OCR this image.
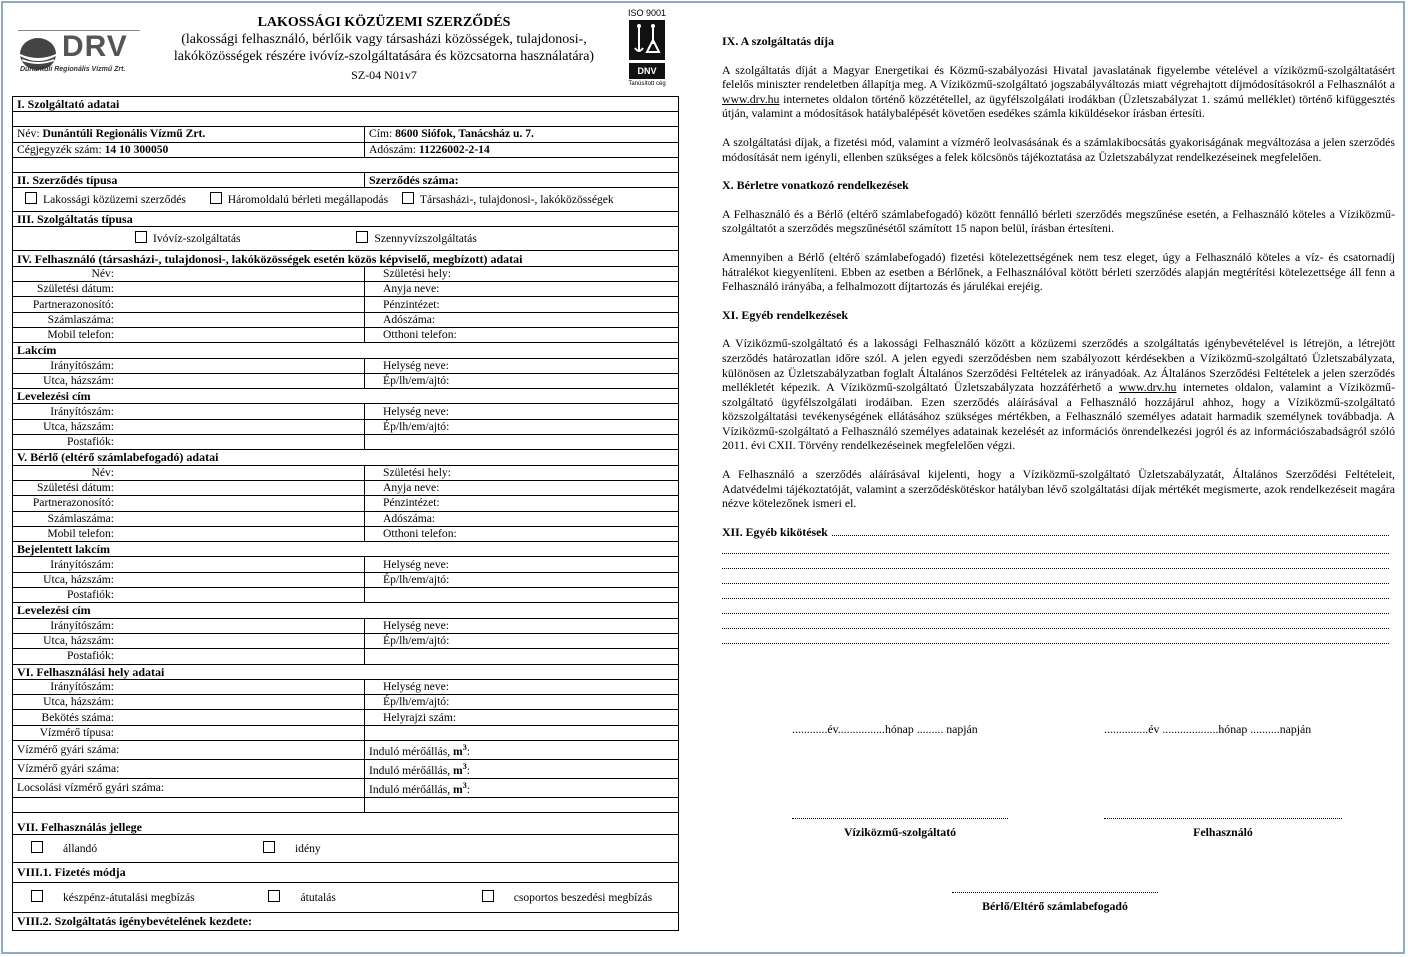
DRV
Dunántúli Regionális Vízmű Zrt.
LAKOSSÁGI KÖZÜZEMI SZERZŐDÉS
(lakossági felhasználó, bérlőik vagy társasházi közösségek, tulajdonosi-,
lakóközösségek részére ivóvíz-szolgáltatására és közcsatorna használatára)
SZ-04 N01v7
ISO 9001
DNV
Tanúsított cég
I. Szolgáltató adatai	

Név: Dunántúli Regionális Vízmű Zrt.	Cím: 8600 Siófok, Tanácsház u. 7.
Cégjegyzék szám: 14 10 300050	Adószám: 11226002-2-14

II. Szerződés típusa	Szerződés száma:
Lakossági közüzemi szerződés Háromoldalú bérleti megállapodás Társasházi-, tulajdonosi-, lakóközösségek	
III. Szolgáltatás típusa	
Ivóvíz-szolgáltatás Szennyvízszolgáltatás	
IV. Felhasználó (társasházi-, tulajdonosi-, lakóközösségek esetén közös képviselő, megbízott) adatai	
Név:	Születési hely:
Születési dátum:	Anyja neve:
Partnerazonosító:	Pénzintézet:
Számlaszáma:	Adószáma:
Mobil telefon:	Otthoni telefon:
Lakcím	
Irányítószám:	Helység neve:
Utca, házszám:	Ép/lh/em/ajtó:
Levelezési cím	
Irányítószám:	Helység neve:
Utca, házszám:	Ép/lh/em/ajtó:
Postafiók:	
V. Bérlő (eltérő számlabefogadó) adatai	
Név:	Születési hely:
Születési dátum:	Anyja neve:
Partnerazonosító:	Pénzintézet:
Számlaszáma:	Adószáma:
Mobil telefon:	Otthoni telefon:
Bejelentett lakcím	
Irányítószám:	Helység neve:
Utca, házszám:	Ép/lh/em/ajtó:
Postafiók:	
Levelezési cím	
Irányítószám:	Helység neve:
Utca, házszám:	Ép/lh/em/ajtó:
Postafiók:	
VI. Felhasználási hely adatai	
Irányítószám:	Helység neve:
Utca, házszám:	Ép/lh/em/ajtó:
Bekötés száma:	Helyrajzi szám:
Vízmérő típusa:	
Vízmérő gyári száma:	Induló mérőállás, $m^3$:
Vízmérő gyári száma:	Induló mérőállás, $m^3$:
Locsolási vízmérő gyári száma:	Induló mérőállás, $m^3$:

VII. Felhasználás jellege	
állandó idény	
VIII.1. Fizetés módja	
készpénz-átutalási megbízás átutalás csoportos beszedési megbízás	
VIII.2. Szolgáltatás igénybevételének kezdete:	
IX. A szolgáltatás díja

A szolgáltatás díját a Magyar Energetikai és Közmű-szabályozási Hivatal javaslatának figyelembe vételével a víziközmű-szolgáltatásért felelős miniszter rendeletben állapítja meg. A Víziközmű-szolgáltató jogszabályváltozás miatt végrehajtott díjmódosításokról a Felhasználót a www.drv.hu internetes oldalon történő közzététellel, az ügyfélszolgálati irodákban (Üzletszabályzat 1. számú melléklet) történő kifüggesztés útján, valamint a módosítások hatálybalépését követően esedékes számla kiküldésekor írásban értesíti.

A szolgáltatási díjak, a fizetési mód, valamint a vízmérő leolvasásának és a számlakibocsátás gyakoriságának megváltozása a jelen szerződés módosítását nem igényli, ellenben szükséges a felek kölcsönös tájékoztatása az Üzletszabályzat rendelkezéseinek megfelelően.

X. Bérletre vonatkozó rendelkezések

A Felhasználó és a Bérlő (eltérő számlabefogadó) között fennálló bérleti szerződés megszűnése esetén, a Felhasználó köteles a Víziközmű-szolgáltatót a szerződés megszűnésétől számított 15 napon belül, írásban értesíteni.

Amennyiben a Bérlő (eltérő számlabefogadó) fizetési kötelezettségének nem tesz eleget, úgy a Felhasználó köteles a víz- és csatornadíj hátralékot kiegyenlíteni. Ebben az esetben a Bérlőnek, a Felhasználóval kötött bérleti szerződés alapján megtérítési kötelezettsége áll fenn a Felhasználó irányába, a felhalmozott díjtartozás és járulékai erejéig.

XI. Egyéb rendelkezések

A Víziközmű-szolgáltató és a lakossági Felhasználó között a közüzemi szerződés a szolgáltatás igénybevételével is létrejön, a létrejött szerződés határozatlan időre szól. A jelen egyedi szerződésben nem szabályozott kérdésekben a Víziközmű-szolgáltató Üzletszabályzata, különösen az Üzletszabályzatban foglalt Általános Szerződési Feltételek az irányadóak. Az Általános Szerződési Feltételek a jelen szerződés mellékletét képezik. A Víziközmű-szolgáltató Üzletszabályzata hozzáférhető a www.drv.hu internetes oldalon, valamint a Víziközmű-szolgáltató ügyfélszolgálati irodáiban. Ezen szerződés aláírásával a Felhasználó hozzájárul ahhoz, hogy a Víziközmű-szolgáltató közszolgáltatási tevékenységének ellátásához szükséges mértékben, a Felhasználó személyes adatait harmadik személynek továbbadja. A Víziközmű-szolgáltató a Felhasználó személyes adatainak kezelését az információs önrendelkezési jogról és az információszabadságról szóló 2011. évi CXII. Törvény rendelkezéseinek megfelelően végzi.

A Felhasználó a szerződés aláírásával kijelenti, hogy a Víziközmű-szolgáltató Üzletszabályzatát, Általános Szerződési Feltételeit, Adatvédelmi tájékoztatóját, valamint a szerződéskötéskor hatályban lévő szolgáltatási díjak mértékét megismerte, azok rendelkezéseit magára nézve kötelezőnek ismeri el.

XII. Egyéb kikötések
............év................hónap ......... napján	...............év ...................hónap ..........napján
Víziközmű-szolgáltató	Felhasználó
Bérlő/Eltérő számlabefogadó
